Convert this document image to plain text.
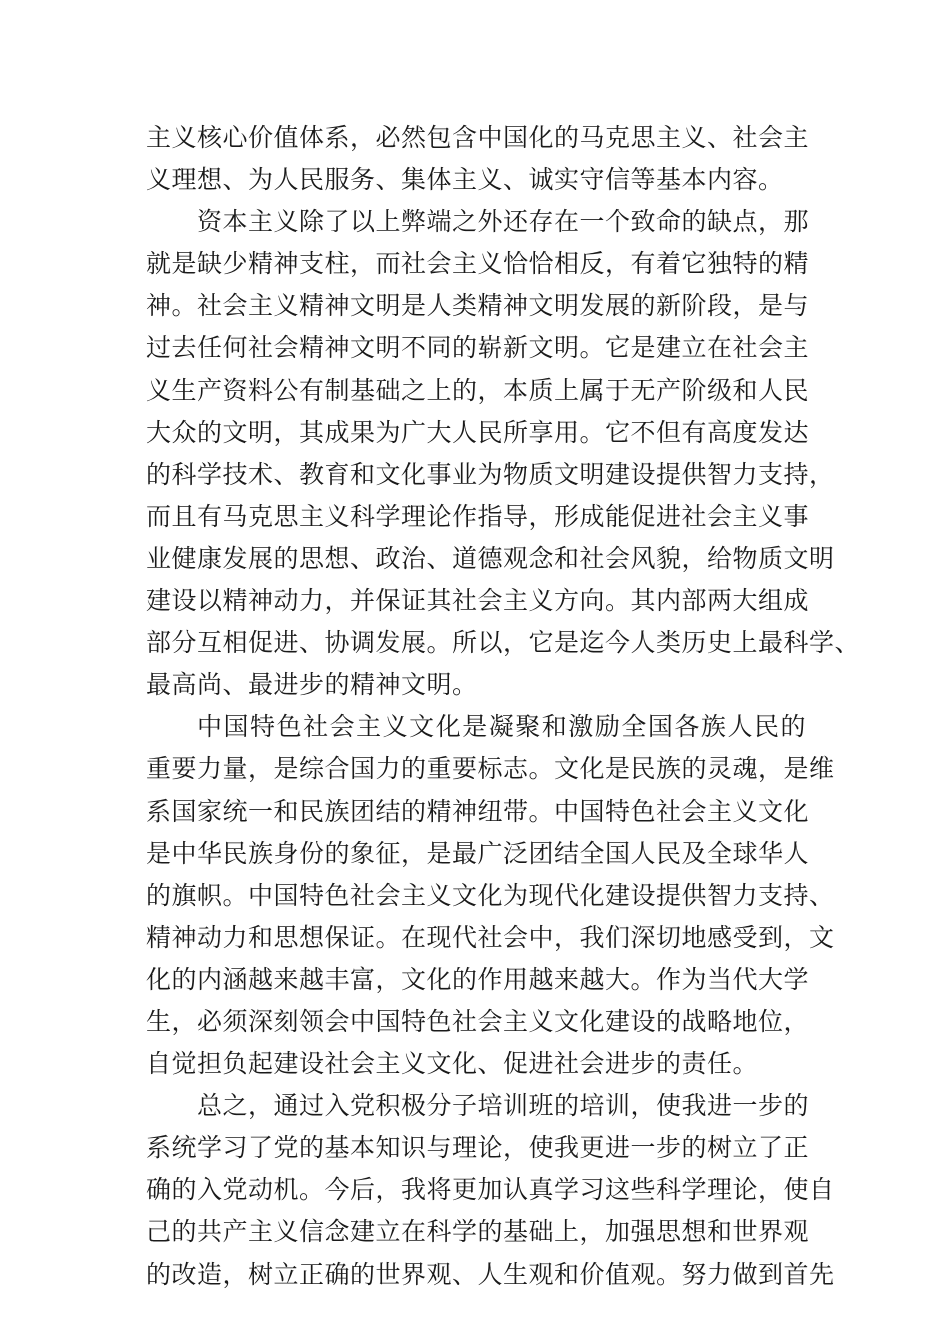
主义核心价值体系，必然包含中国化的马克思主义、社会主
义理想、为人民服务、集体主义、诚实守信等基本内容。
资本主义除了以上弊端之外还存在一个致命的缺点，那
就是缺少精神支柱，而社会主义恰恰相反，有着它独特的精
神。社会主义精神文明是人类精神文明发展的新阶段，是与
过去任何社会精神文明不同的崭新文明。它是建立在社会主
义生产资料公有制基础之上的，本质上属于无产阶级和人民
大众的文明，其成果为广大人民所享用。它不但有高度发达
的科学技术、教育和文化事业为物质文明建设提供智力支持，
而且有马克思主义科学理论作指导，形成能促进社会主义事
业健康发展的思想、政治、道德观念和社会风貌，给物质文明
建设以精神动力，并保证其社会主义方向。其内部两大组成
部分互相促进、协调发展。所以，它是迄今人类历史上最科学、
最高尚、最进步的精神文明。
中国特色社会主义文化是凝聚和激励全国各族人民的
重要力量，是综合国力的重要标志。文化是民族的灵魂，是维
系国家统一和民族团结的精神纽带。中国特色社会主义文化
是中华民族身份的象征，是最广泛团结全国人民及全球华人
的旗帜。中国特色社会主义文化为现代化建设提供智力支持、
精神动力和思想保证。在现代社会中，我们深切地感受到，文
化的内涵越来越丰富，文化的作用越来越大。作为当代大学
生，必须深刻领会中国特色社会主义文化建设的战略地位，
自觉担负起建设社会主义文化、促进社会进步的责任。
总之，通过入党积极分子培训班的培训，使我进一步的
系统学习了党的基本知识与理论，使我更进一步的树立了正
确的入党动机。今后，我将更加认真学习这些科学理论，使自
己的共产主义信念建立在科学的基础上，加强思想和世界观
的改造，树立正确的世界观、人生观和价值观。努力做到首先
